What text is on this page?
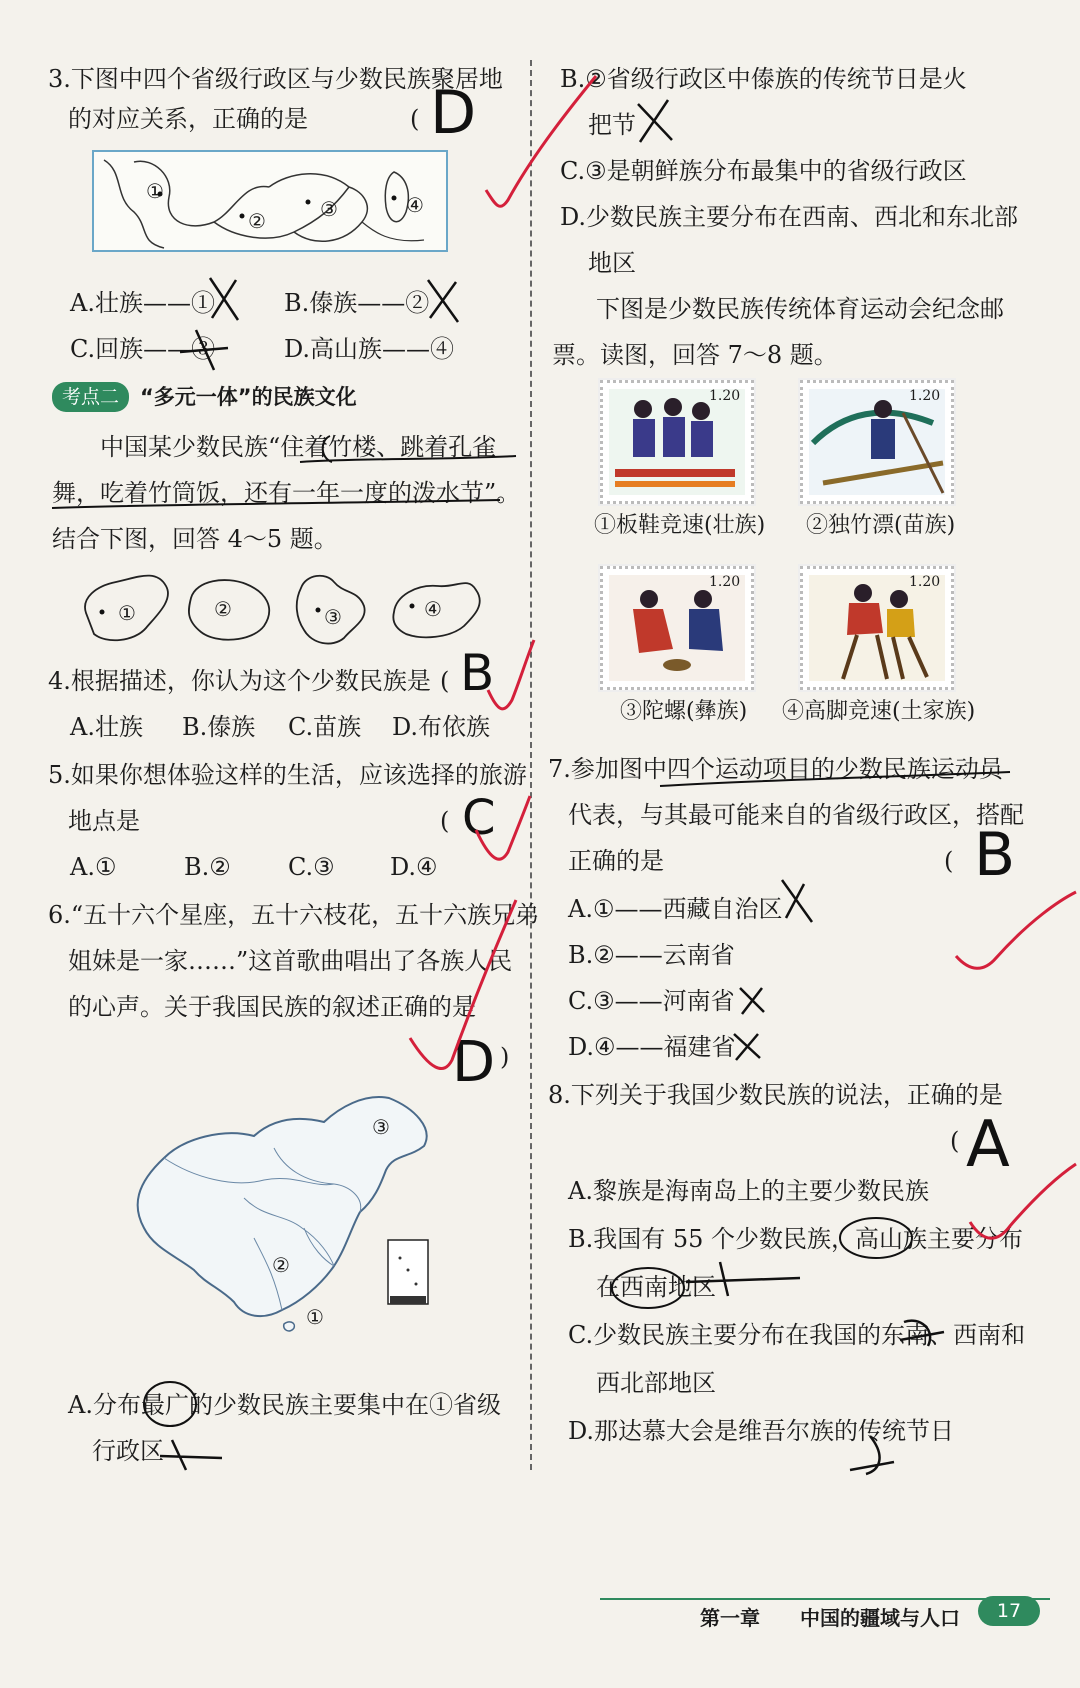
3.下图中四个省级行政区与少数民族聚居地
的对应关系，正确的是	( D
①
②	③	④
A.壮族——①	B.傣族——②
C.回族——③	D.高山族——④
考点二 “多元一体”的民族文化
中国某少数民族“住着竹楼、跳着孔雀
舞，吃着竹筒饭，还有一年一度的泼水节”。
结合下图，回答 4～5 题。
①	②	③	④
4.根据描述，你认为这个少数民族是 ( B
A.壮族 B.傣族 C.苗族 D.布依族
5.如果你想体验这样的生活，应该选择的旅游
地点是	( C
A.①	B.② C.③ D.④
6.“五十六个星座，五十六枝花，五十六族兄弟
姐妹是一家……”这首歌曲唱出了各族人民
的心声。关于我国民族的叙述正确的是
D )
③
②
①
A.分布最广的少数民族主要集中在①省级
行政区
B.②省级行政区中傣族的传统节日是火
把节
C.③是朝鲜族分布最集中的省级行政区
D.少数民族主要分布在西南、西北和东北部
地区
下图是少数民族传统体育运动会纪念邮
票。读图，回答 7～8 题。
1.20
①板鞋竞速(壮族)
1.20
②独竹漂(苗族)
1.20
③陀螺(彝族)
1.20
④高脚竞速(土家族)
7.参加图中四个运动项目的少数民族运动员
代表，与其最可能来自的省级行政区，搭配
正确的是	( B
A.①——西藏自治区
B.②——云南省
C.③——河南省
D.④——福建省
8.下列关于我国少数民族的说法，正确的是
( A
A.黎族是海南岛上的主要少数民族
B.我国有 55 个少数民族，高山族主要分布
在西南地区
C.少数民族主要分布在我国的东南、西南和
西北部地区
D.那达慕大会是维吾尔族的传统节日
第一章 中国的疆域与人口	17
